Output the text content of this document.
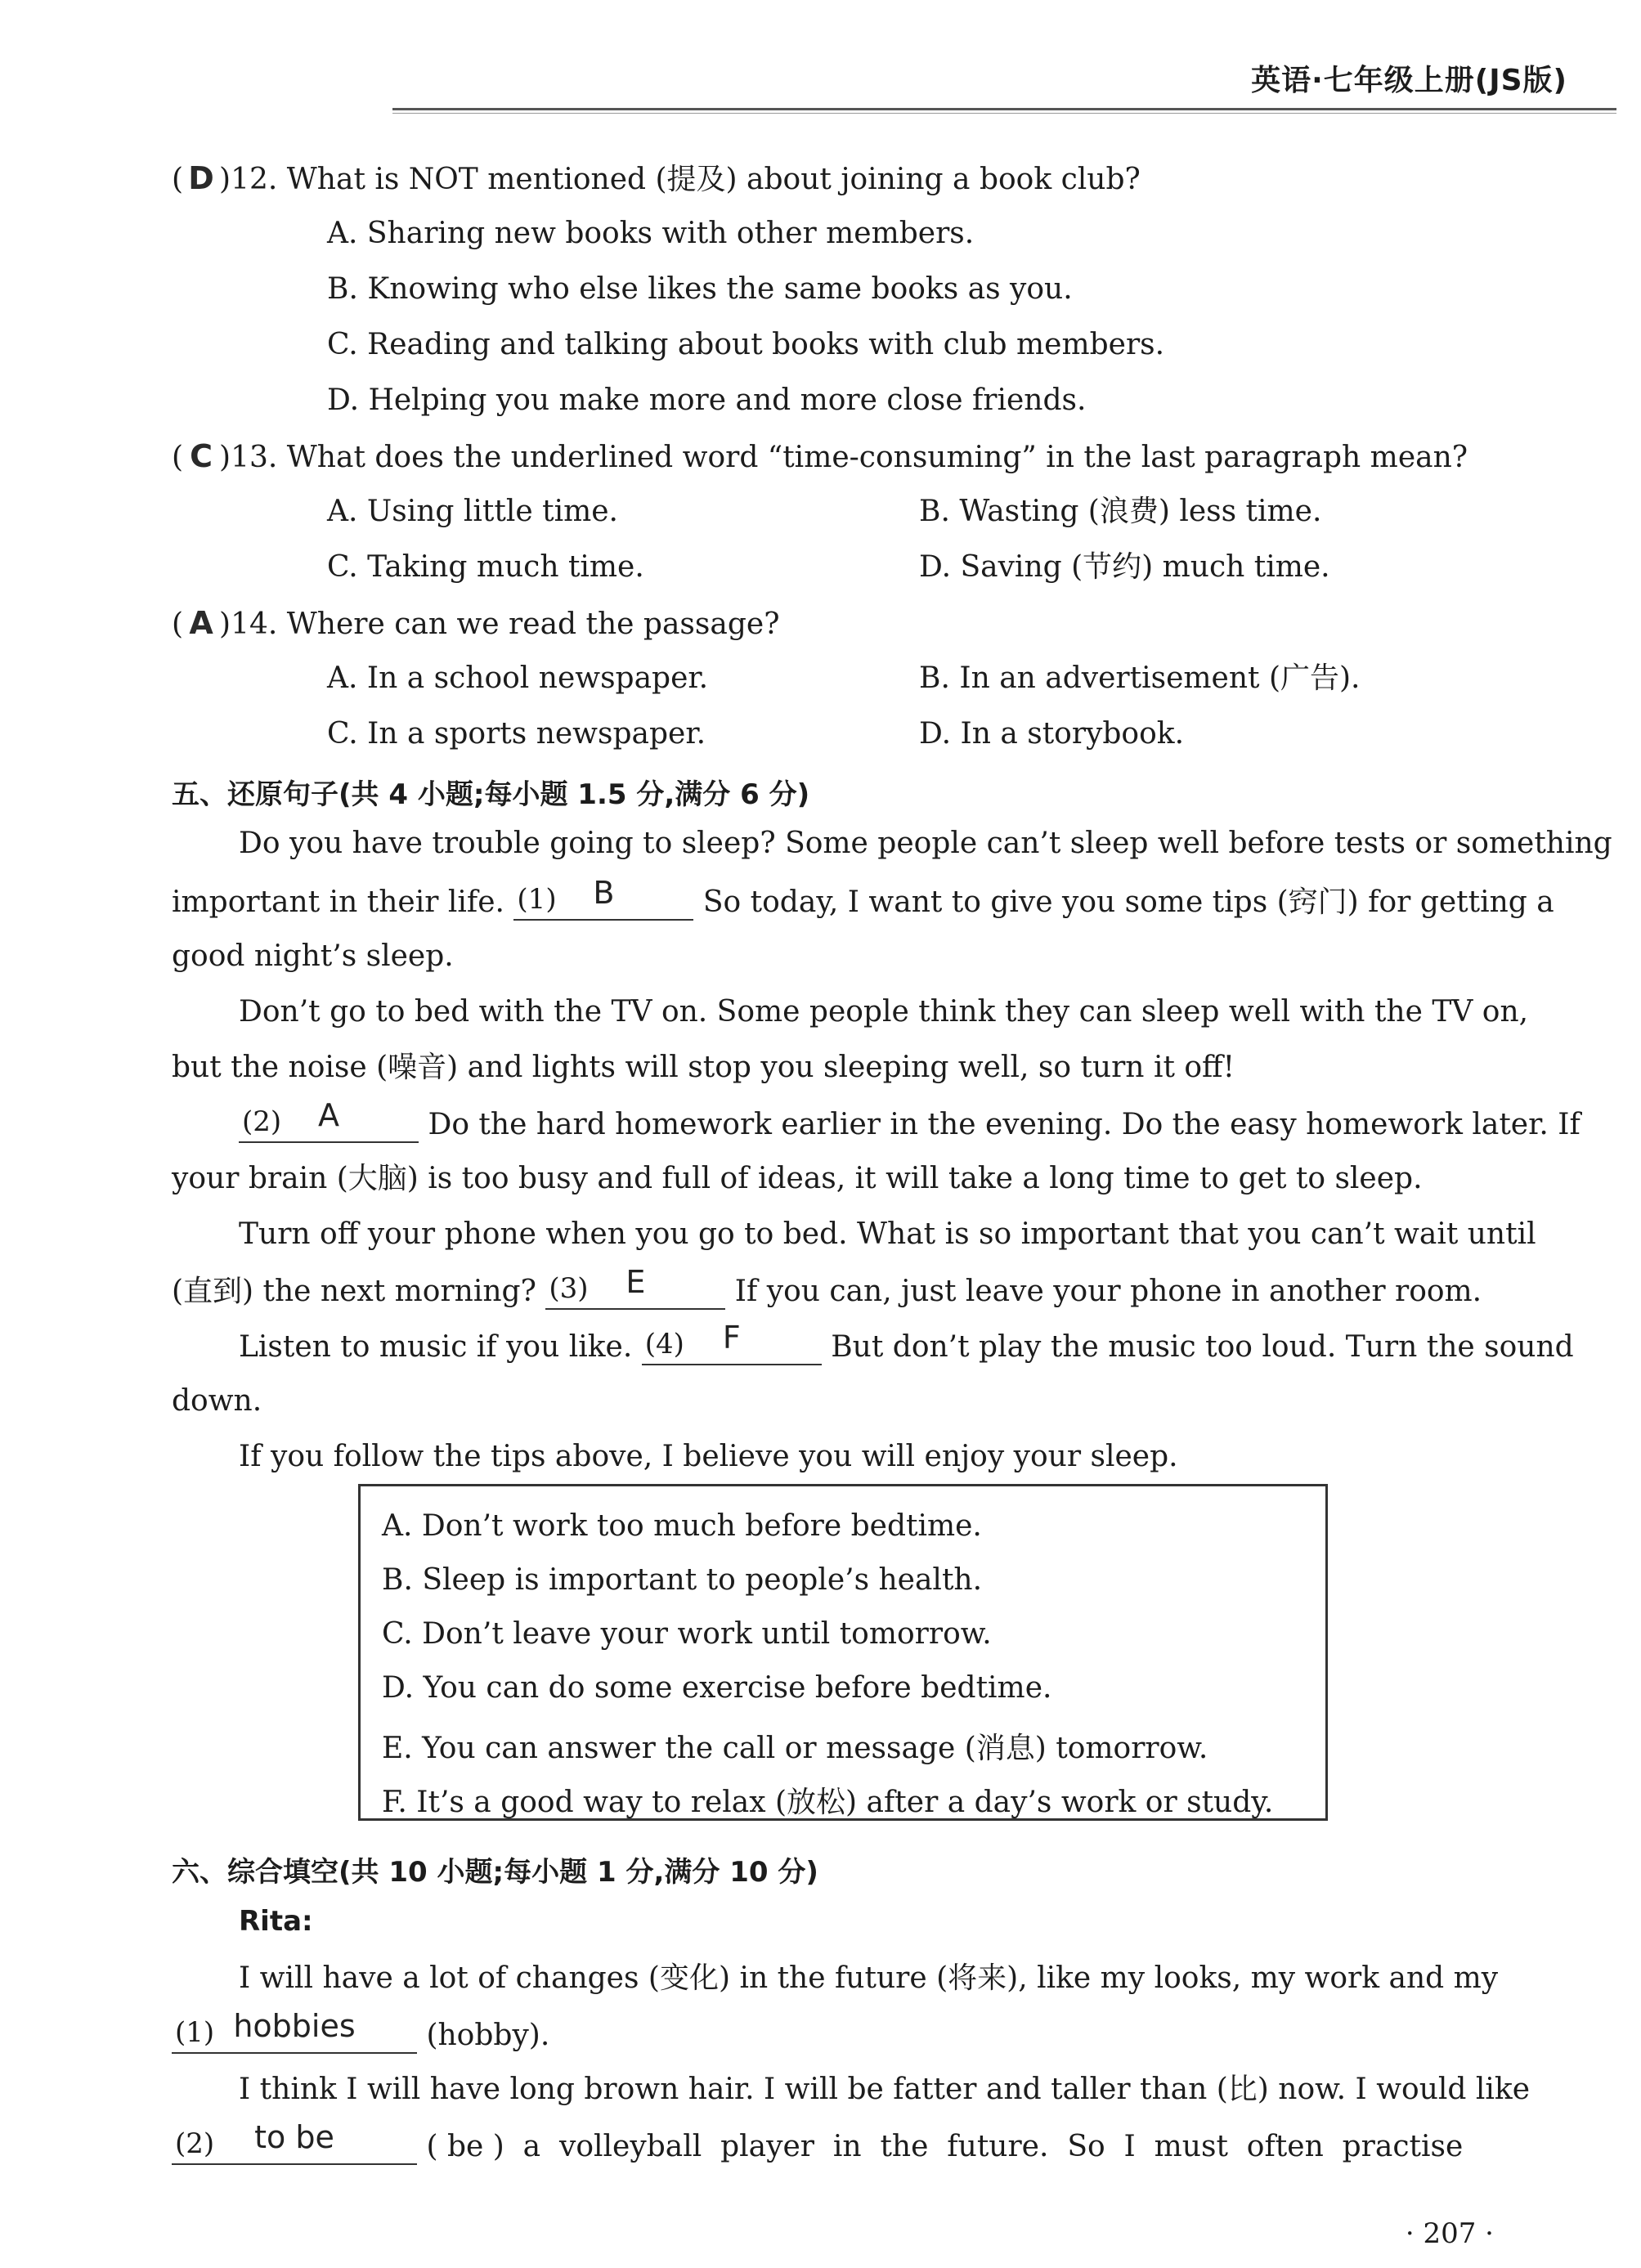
英语·七年级上册(JS版)
( D )12. What is NOT mentioned (提及) about joining a book club?
A. Sharing new books with other members.
B. Knowing who else likes the same books as you.
C. Reading and talking about books with club members.
D. Helping you make more and more close friends.
( C )13. What does the underlined word “time-consuming” in the last paragraph mean?
A. Using little time.	B. Wasting (浪费) less time.
C. Taking much time.	D. Saving (节约) much time.
( A )14. Where can we read the passage?
A. In a school newspaper.	B. In an advertisement (广告).
C. In a sports newspaper.	D. In a storybook.
五、还原句子(共 4 小题;每小题 1.5 分,满分 6 分)
Do you have trouble going to sleep? Some people can’t sleep well before tests or something
important in their life. (1)	B	So today, I want to give you some tips (窍门) for getting a
good night’s sleep.
Don’t go to bed with the TV on. Some people think they can sleep well with the TV on,
but the noise (噪音) and lights will stop you sleeping well, so turn it off!
(2)	A	Do the hard homework earlier in the evening. Do the easy homework later. If
your brain (大脑) is too busy and full of ideas, it will take a long time to get to sleep.
Turn off your phone when you go to bed. What is so important that you can’t wait until
(直到) the next morning? (3)	E	If you can, just leave your phone in another room.
Listen to music if you like. (4)	F	But don’t play the music too loud. Turn the sound
down.
If you follow the tips above, I believe you will enjoy your sleep.
A. Don’t work too much before bedtime.
B. Sleep is important to people’s health.
C. Don’t leave your work until tomorrow.
D. You can do some exercise before bedtime.
E. You can answer the call or message (消息) tomorrow.
F. It’s a good way to relax (放松) after a day’s work or study.
六、综合填空(共 10 小题;每小题 1 分,满分 10 分)
Rita:
I will have a lot of changes (变化) in the future (将来), like my looks, my work and my
(1) hobbies	(hobby).
I think I will have long brown hair. I will be fatter and taller than (比) now. I would like
(2)	to be	( be )  a  volleyball  player  in  the  future.  So  I  must  often  practise
· 207 ·
